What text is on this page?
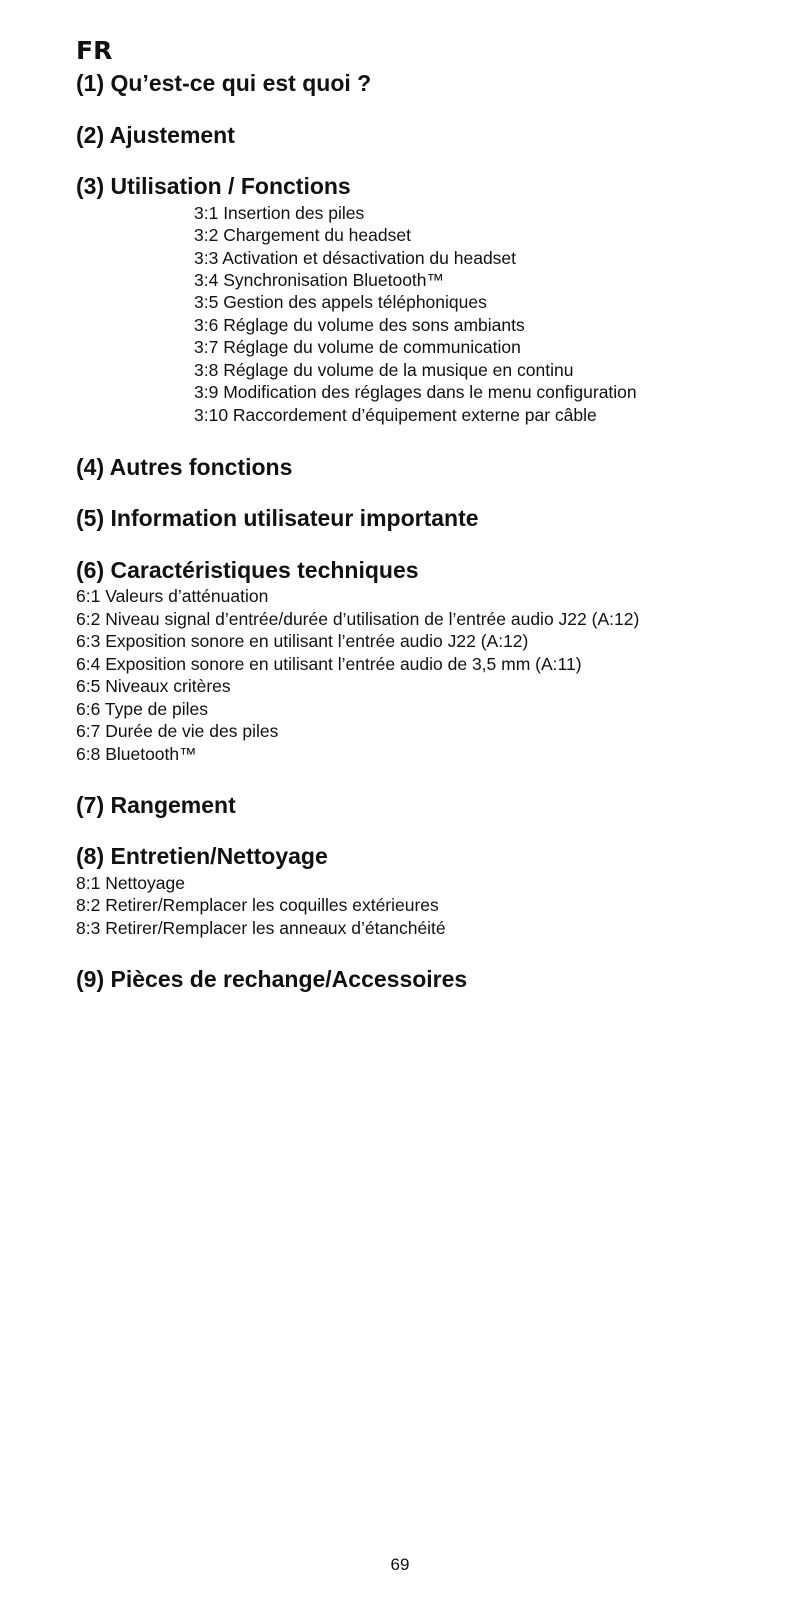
FR
(1) Qu’est-ce qui est quoi ?
(2) Ajustement
(3) Utilisation / Fonctions

3:1 Insertion des piles

3:2 Chargement du headset

3:3 Activation et désactivation du headset

3:4 Synchronisation Bluetooth™

3:5 Gestion des appels téléphoniques

3:6 Réglage du volume des sons ambiants

3:7 Réglage du volume de communication

3:8 Réglage du volume de la musique en continu

3:9 Modification des réglages dans le menu configuration

3:10 Raccordement d’équipement externe par câble

(4) Autres fonctions
(5) Information utilisateur importante
(6) Caractéristiques techniques

6:1 Valeurs d’atténuation

6:2 Niveau signal d’entrée/durée d’utilisation de l’entrée audio J22 (A:12)

6:3 Exposition sonore en utilisant l’entrée audio J22 (A:12)

6:4 Exposition sonore en utilisant l’entrée audio de 3,5 mm (A:11)

6:5 Niveaux critères

6:6 Type de piles

6:7 Durée de vie des piles

6:8 Bluetooth™

(7) Rangement
(8) Entretien/Nettoyage

8:1 Nettoyage

8:2 Retirer/Remplacer les coquilles extérieures

8:3 Retirer/Remplacer les anneaux d’étanchéité

(9) Pièces de rechange/Accessoires
69
